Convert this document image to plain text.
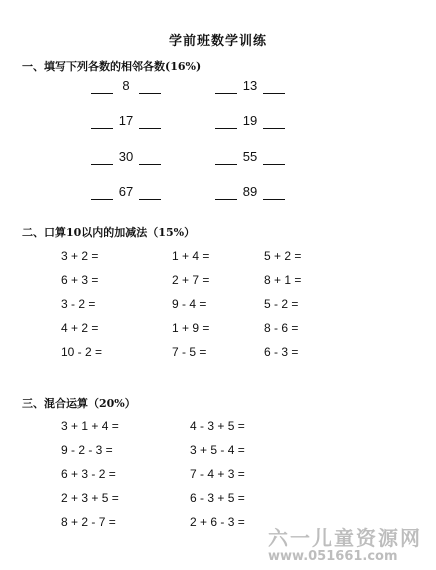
学前班数学训练
一、填写下列各数的相邻各数(16%)
8	13
17	19
30	55
67	89
二、口算10以内的加减法（15%）
3 + 2 =	1 + 4 =	5 + 2 =
6 + 3 =	2 + 7 =	8 + 1 =
3 - 2 =	9 - 4 =	5 - 2 =
4 + 2 =	1 + 9 =	8 - 6 =
10 - 2 =	7 - 5 =	6 - 3 =
三、混合运算（20%）
3 + 1 + 4 =	4 - 3 + 5 =
9 - 2 - 3 =	3 + 5 - 4 =
6 + 3 - 2 =	7 - 4 + 3 =
2 + 3 + 5 =	6 - 3 + 5 =
8 + 2 - 7 =	2 + 6 - 3 =
六一儿童资源网
www.051661.com
